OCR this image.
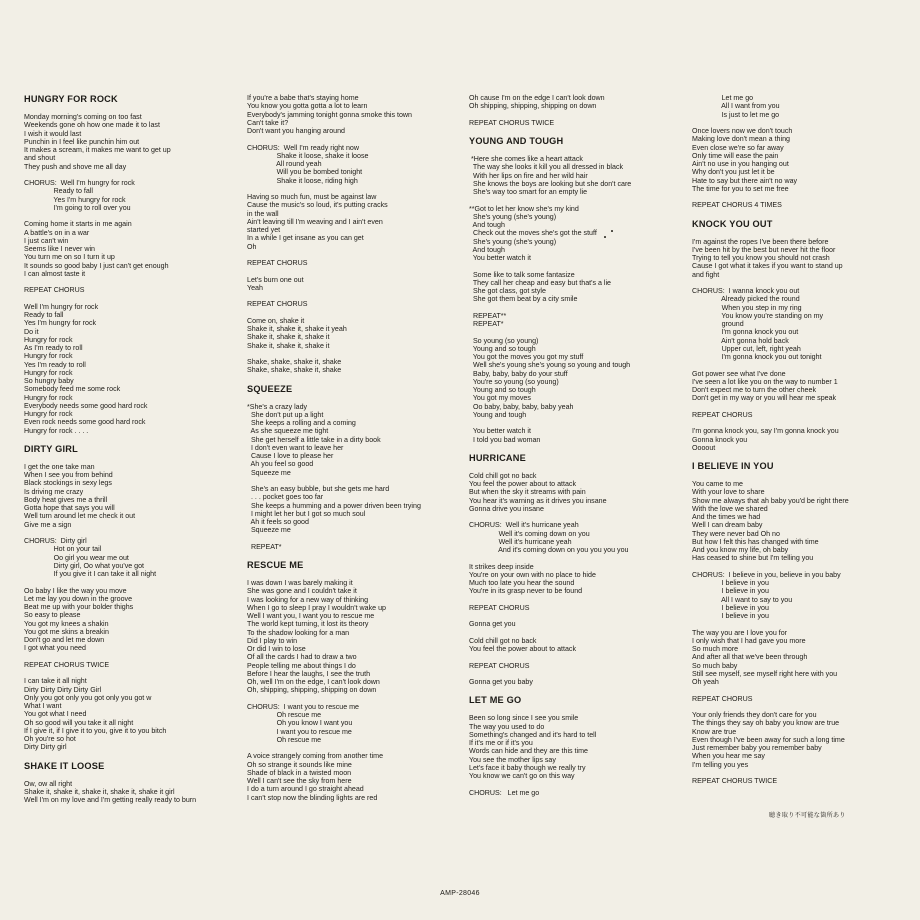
HUNGRY FOR ROCK
Monday morning's coming on too fast
Weekends gone oh how one made it to last
I wish it would last
Punchin in I feel like punchin him out
It makes a scream, it makes me want to get up
and shout
They push and shove me all day
CHORUS:  Well I'm hungry for rock
Ready to fall
Yes I'm hungry for rock
I'm going to roll over you
Coming home it starts in me again
A battle's on in a war
I just can't win
Seems like I never win
You turn me on so I turn it up
It sounds so good baby I just can't get enough
I can almost taste it
REPEAT CHORUS
Well I'm hungry for rock
Ready to fall
Yes I'm hungry for rock
Do it
Hungry for rock
As I'm ready to roll
Hungry for rock
Yes I'm ready to roll
Hungry for rock
So hungry baby
Somebody feed me some rock
Hungry for rock
Everybody needs some good hard rock
Hungry for rock
Even rock needs some good hard rock
Hungry for rock . . . .
DIRTY GIRL
I get the one take man
When I see you from behind
Black stockings in sexy legs
Is driving me crazy
Body heat gives me a thrill
Gotta hope that says you will
Well turn around let me check it out
Give me a sign
CHORUS:  Dirty girl
Hot on your tail
Oo girl you wear me out
Dirty girl, Oo what you've got
If you give it I can take it all night
Oo baby I like the way you move
Let me lay you down in the groove
Beat me up with your bolder thighs
So easy to please
You got my knees a shakin
You got me skins a breakin
Don't go and let me down
I got what you need
REPEAT CHORUS TWICE
I can take it all night
Dirty Dirty Dirty Dirty Girl
Only you got only you got only you got w
What I want
You got what I need
Oh so good will you take it all night
If I give it, if I give it to you, give it to you bitch
Oh you're so hot
Dirty Dirty girl
SHAKE IT LOOSE
Ow, ow all right
Shake it, shake it, shake it, shake it, shake it girl
Well I'm on my love and I'm getting really ready to burn
If you're a babe that's staying home
You know you gotta gotta a lot to learn
Everybody's jamming tonight gonna smoke this town
Can't take it?
Don't want you hanging around
CHORUS:  Well I'm ready right now
Shake it loose, shake it loose
All round yeah
Will you be bombed tonight
Shake it loose, riding high
Having so much fun, must be against law
Cause the music's so loud, it's putting cracks
in the wall
Ain't leaving till I'm weaving and I ain't even
started yet
In a while I get insane as you can get
Oh
REPEAT CHORUS
Let's burn one out
Yeah
REPEAT CHORUS
Come on, shake it
Shake it, shake it, shake it yeah
Shake it, shake it, shake it
Shake it, shake it, shake it
Shake, shake, shake it, shake
Shake, shake, shake it, shake
SQUEEZE
*She's a crazy lady
She don't put up a light
She keeps a rolling and a coming
As she squeeze me tight
She get herself a little take in a dirty book
I don't even want to leave her
Cause I love to please her
Ah you feel so good
Squeeze me
She's an easy bubble, but she gets me hard
. . . pocket goes too far
She keeps a humming and a power driven been trying
I might let her but I got so much soul
Ah it feels so good
Squeeze me
REPEAT*
RESCUE ME
I was down I was barely making it
She was gone and I couldn't take it
I was looking for a new way of thinking
When I go to sleep I pray I wouldn't wake up
Well I want you, I want you to rescue me
The world kept turning, it lost its theory
To the shadow looking for a man
Did I play to win
Or did I win to lose
Of all the cards I had to draw a two
People telling me about things I do
Before I hear the laughs, I see the truth
Oh, well I'm on the edge, I can't look down
Oh, shipping, shipping, shipping on down
CHORUS:  I want you to rescue me
Oh rescue me
Oh you know I want you
I want you to rescue me
Oh rescue me
A voice strangely coming from another time
Oh so strange it sounds like mine
Shade of black in a twisted moon
Well I can't see the sky from here
I do a turn around I go straight ahead
I can't stop now the blinding lights are red
Oh cause I'm on the edge I can't look down
Oh shipping, shipping, shipping on down
REPEAT CHORUS TWICE
YOUNG AND TOUGH
*Here she comes like a heart attack
The way she looks it kill you all dressed in black
With her lips on fire and her wild hair
She knows the boys are looking but she don't care
She's way too smart for an empty lie
**Got to let her know she's my kind
She's young (she's young)
And tough
Check out the moves she's got the stuff
She's young (she's young)
And tough
You better watch it
Some like to talk some fantasize
They call her cheap and easy but that's a lie
She got class, got style
She got them beat by a city smile
REPEAT**
REPEAT*
So young (so young)
Young and so tough
You got the moves you got my stuff
Well she's young she's young so young and tough
Baby, baby, baby do your stuff
You're so young (so young)
Young and so tough
You got my moves
Oo baby, baby, baby, baby yeah
Young and tough
You better watch it
I told you bad woman
HURRICANE
Cold chill got no back
You feel the power about to attack
But when the sky it streams with pain
You hear it's warning as it drives you insane
Gonna drive you insane
CHORUS:  Well it's hurricane yeah
Well it's coming down on you
Well it's hurricane yeah
And it's coming down on you you you you
It strikes deep inside
You're on your own with no place to hide
Much too late you hear the sound
You're in its grasp never to be found
REPEAT CHORUS
Gonna get you
Cold chill got no back
You feel the power about to attack
REPEAT CHORUS
Gonna get you baby
LET ME GO
Been so long since I see you smile
The way you used to do
Something's changed and it's hard to tell
If it's me or if it's you
Words can hide and they are this time
You see the mother lips say
Let's face it baby though we really try
You know we can't go on this way
CHORUS:   Let me go
Let me go
All I want from you
Is just to let me go
Once lovers now we don't touch
Making love don't mean a thing
Even close we're so far away
Only time will ease the pain
Ain't no use in you hanging out
Why don't you just let it be
Hate to say but there ain't no way
The time for you to set me free
REPEAT CHORUS 4 TIMES
KNOCK YOU OUT
I'm against the ropes I've been there before
I've been hit by the best but never hit the floor
Trying to tell you know you should not crash
Cause I got what it takes if you want to stand up
and fight
CHORUS:  I wanna knock you out
Already picked the round
When you step in my ring
You know you're standing on my
ground
I'm gonna knock you out
Ain't gonna hold back
Upper cut, left, right yeah
I'm gonna knock you out tonight
Got power see what I've done
I've seen a lot like you on the way to number 1
Don't expect me to turn the other cheek
Don't get in my way or you will hear me speak
REPEAT CHORUS
I'm gonna knock you, say I'm gonna knock you
Gonna knock you
Oooout
I BELIEVE IN YOU
You came to me
With your love to share
Show me always that ah baby you'd be right there
With the love we shared
And the times we had
Well I can dream baby
They were never bad Oh no
But how I felt this has changed with time
And you know my life, oh baby
Has ceased to shine but I'm telling you
CHORUS:  I believe in you, believe in you baby
I believe in you
I believe in you
All I want to say to you
I believe in you
I believe in you
The way you are I love you for
I only wish that I had gave you more
So much more
And after all that we've been through
So much baby
Still see myself, see myself right here with you
Oh yeah
REPEAT CHORUS
Your only friends they don't care for you
The things they say oh baby you know are true
Know are true
Even though I've been away for such a long time
Just remember baby you remember baby
When you hear me say
I'm telling you yes
REPEAT CHORUS TWICE
聴き取り不可能な箇所あり
AMP-28046
